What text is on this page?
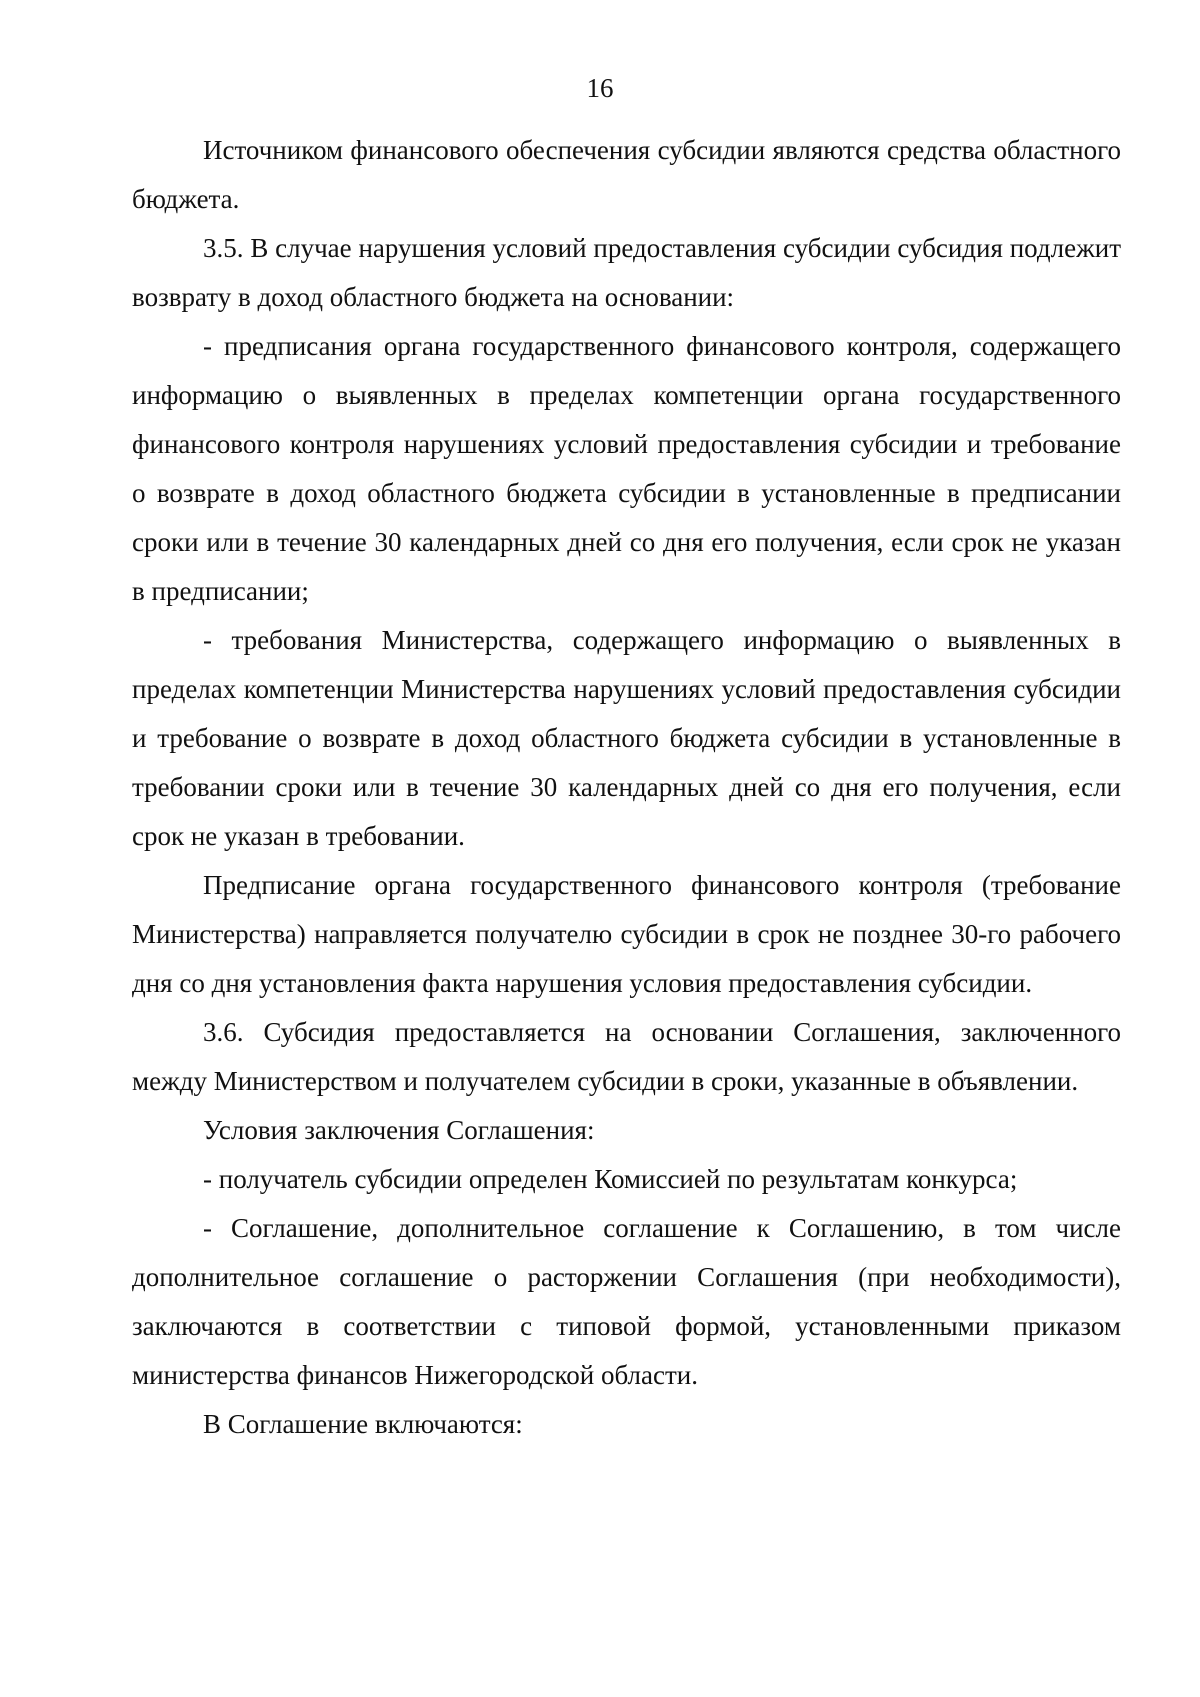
16

Источником финансового обеспечения субсидии являются средства областного бюджета.

3.5. В случае нарушения условий предоставления субсидии субсидия подлежит возврату в доход областного бюджета на основании:

- предписания органа государственного финансового контроля, содержащего информацию о выявленных в пределах компетенции органа государственного финансового контроля нарушениях условий предоставления субсидии и требование о возврате в доход областного бюджета субсидии в установленные в предписании сроки или в течение 30 календарных дней со дня его получения, если срок не указан в предписании;

- требования Министерства, содержащего информацию о выявленных в пределах компетенции Министерства нарушениях условий предоставления субсидии и требование о возврате в доход областного бюджета субсидии в установленные в требовании сроки или в течение 30 календарных дней со дня его получения, если срок не указан в требовании.

Предписание органа государственного финансового контроля (требование Министерства) направляется получателю субсидии в срок не позднее 30-го рабочего дня со дня установления факта нарушения условия предоставления субсидии.

3.6. Субсидия предоставляется на основании Соглашения, заключенного между Министерством и получателем субсидии в сроки, указанные в объявлении.

Условия заключения Соглашения:

- получатель субсидии определен Комиссией по результатам конкурса;

- Соглашение, дополнительное соглашение к Соглашению, в том числе дополнительное соглашение о расторжении Соглашения (при необходимости), заключаются в соответствии с типовой формой, установленными приказом министерства финансов Нижегородской области.

В Соглашение включаются:
